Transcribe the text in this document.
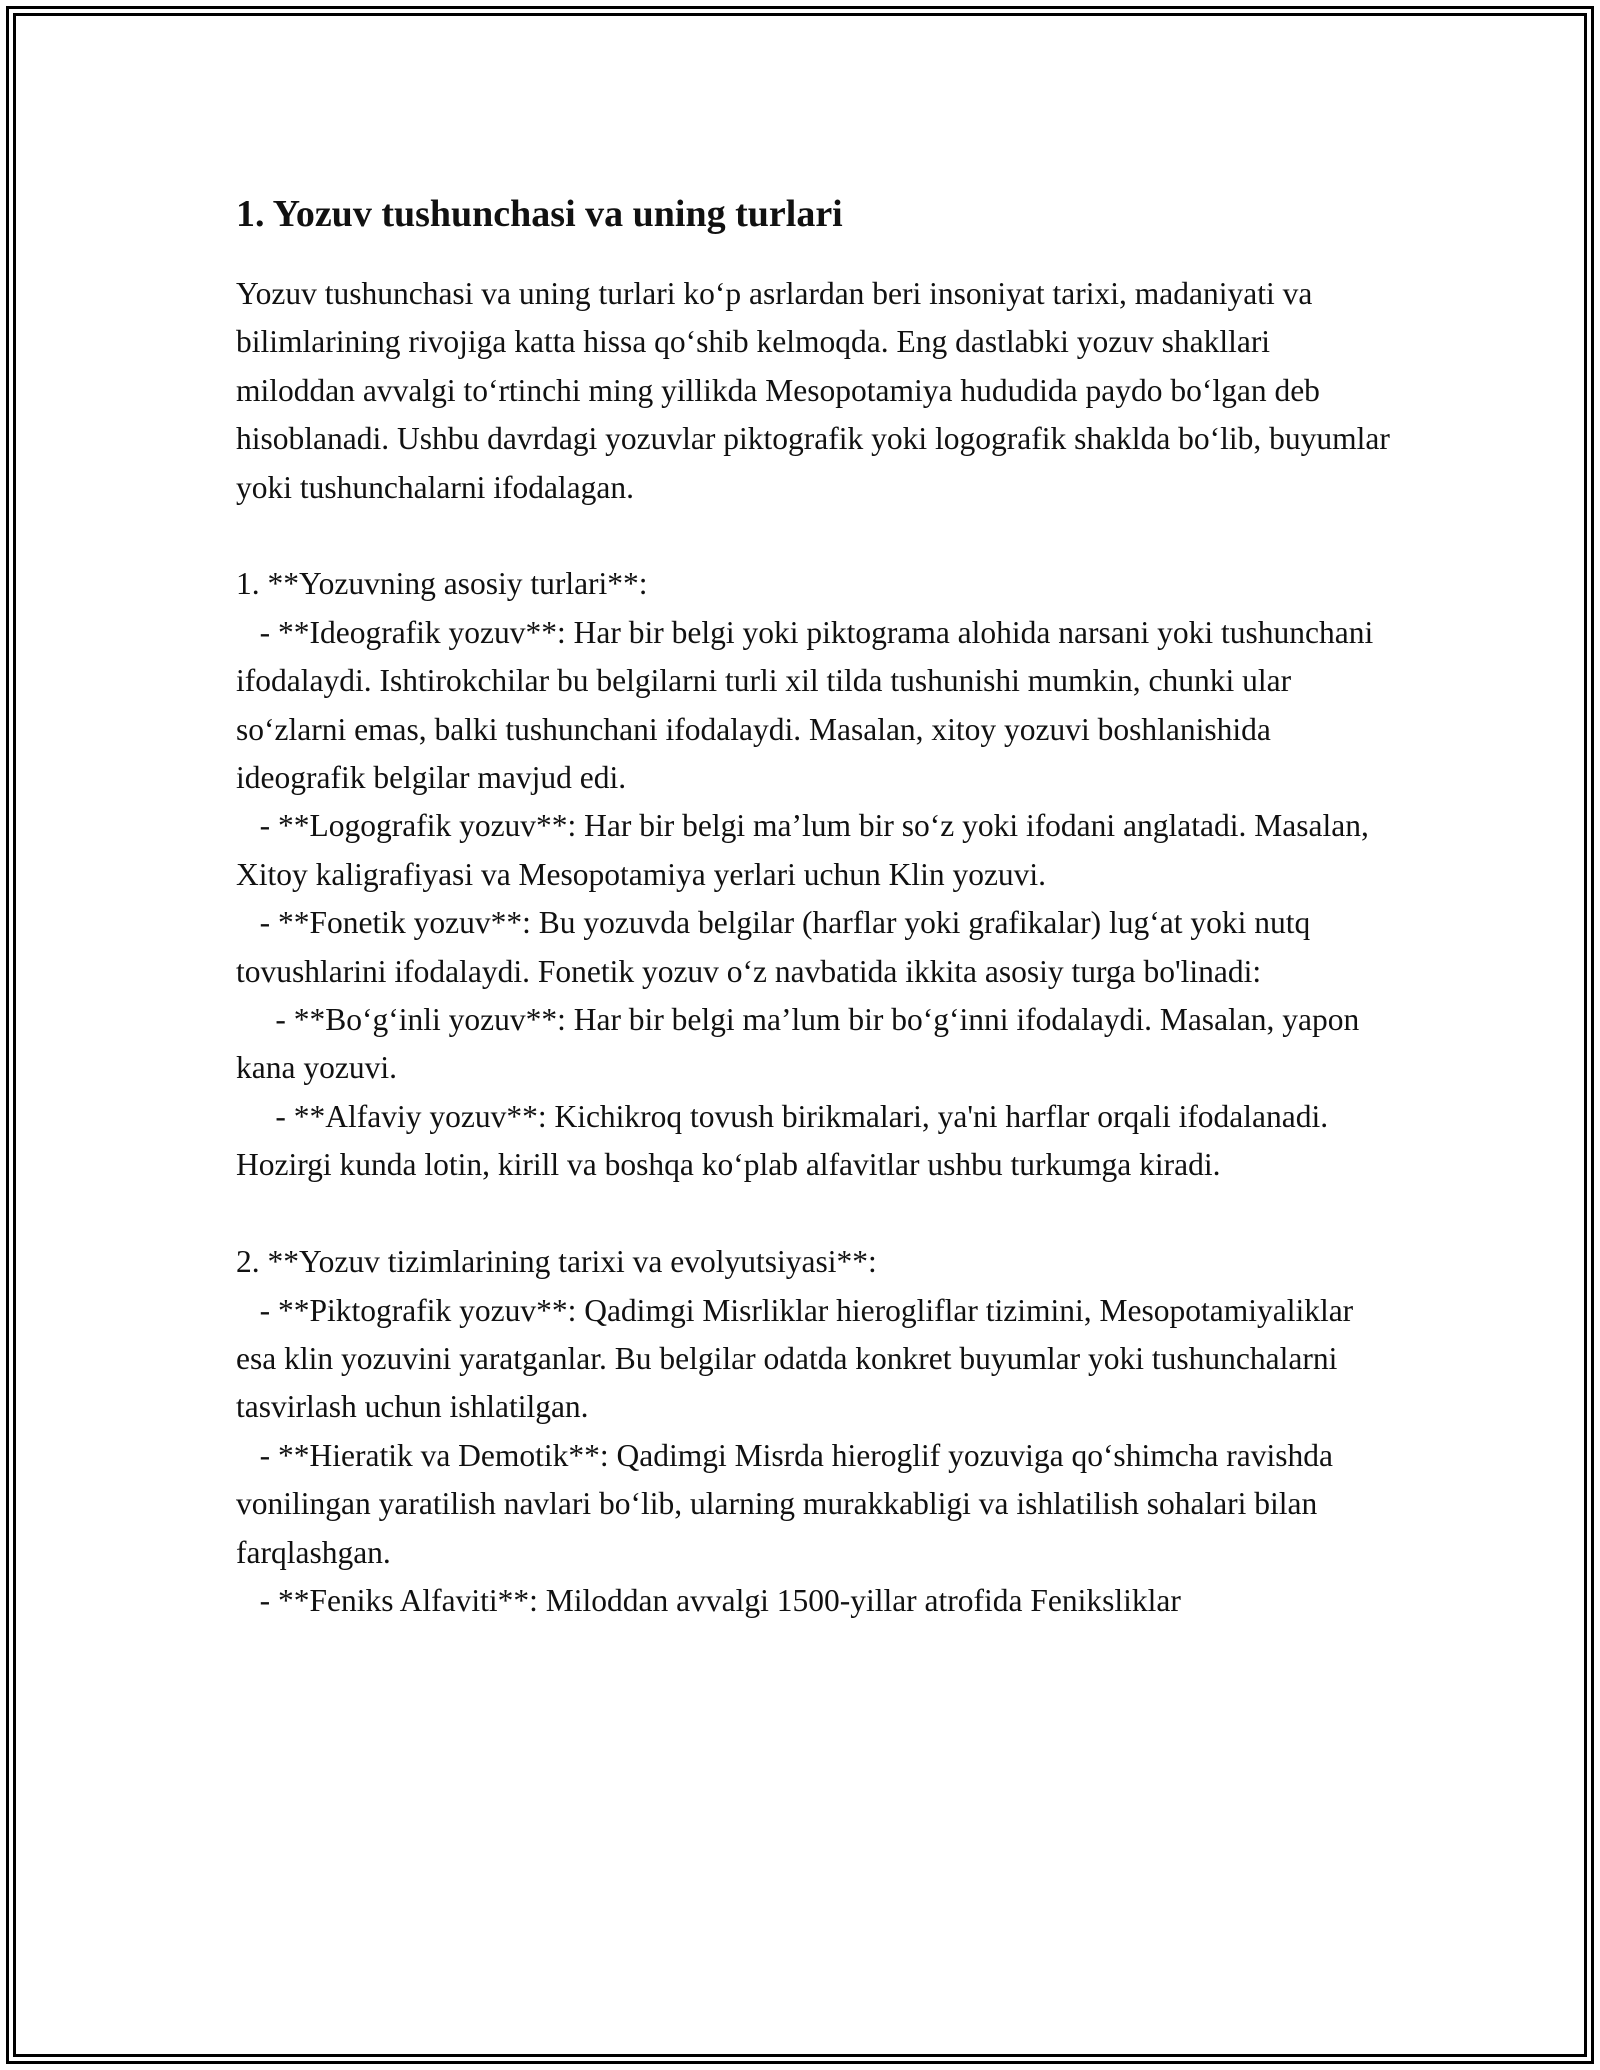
1. Yozuv tushunchasi va uning turlari

Yozuv tushunchasi va uning turlari ko‘p asrlardan beri insoniyat tarixi, madaniyati va bilimlarining rivojiga katta hissa qo‘shib kelmoqda. Eng dastlabki yozuv shakllari miloddan avvalgi to‘rtinchi ming yillikda Mesopotamiya hududida paydo bo‘lgan deb hisoblanadi. Ushbu davrdagi yozuvlar piktografik yoki logografik shaklda bo‘lib, buyumlar yoki tushunchalarni ifodalagan.

1. **Yozuvning asosiy turlari**:

- **Ideografik yozuv**: Har bir belgi yoki piktograma alohida narsani yoki tushunchani ifodalaydi. Ishtirokchilar bu belgilarni turli xil tilda tushunishi mumkin, chunki ular so‘zlarni emas, balki tushunchani ifodalaydi. Masalan, xitoy yozuvi boshlanishida ideografik belgilar mavjud edi.

- **Logografik yozuv**: Har bir belgi ma’lum bir so‘z yoki ifodani anglatadi. Masalan, Xitoy kaligrafiyasi va Mesopotamiya yerlari uchun Klin yozuvi.

- **Fonetik yozuv**: Bu yozuvda belgilar (harflar yoki grafikalar) lug‘at yoki nutq tovushlarini ifodalaydi. Fonetik yozuv o‘z navbatida ikkita asosiy turga bo'linadi:

- **Bo‘g‘inli yozuv**: Har bir belgi ma’lum bir bo‘g‘inni ifodalaydi. Masalan, yapon kana yozuvi.

- **Alfaviy yozuv**: Kichikroq tovush birikmalari, ya'ni harflar orqali ifodalanadi. Hozirgi kunda lotin, kirill va boshqa ko‘plab alfavitlar ushbu turkumga kiradi.

2. **Yozuv tizimlarining tarixi va evolyutsiyasi**:

- **Piktografik yozuv**: Qadimgi Misrliklar hierogliflar tizimini, Mesopotamiyaliklar esa klin yozuvini yaratganlar. Bu belgilar odatda konkret buyumlar yoki tushunchalarni tasvirlash uchun ishlatilgan.

- **Hieratik va Demotik**: Qadimgi Misrda hieroglif yozuviga qo‘shimcha ravishda vonilingan yaratilish navlari bo‘lib, ularning murakkabligi va ishlatilish sohalari bilan farqlashgan.

- **Feniks Alfaviti**: Miloddan avvalgi 1500-yillar atrofida Feniksliklar
